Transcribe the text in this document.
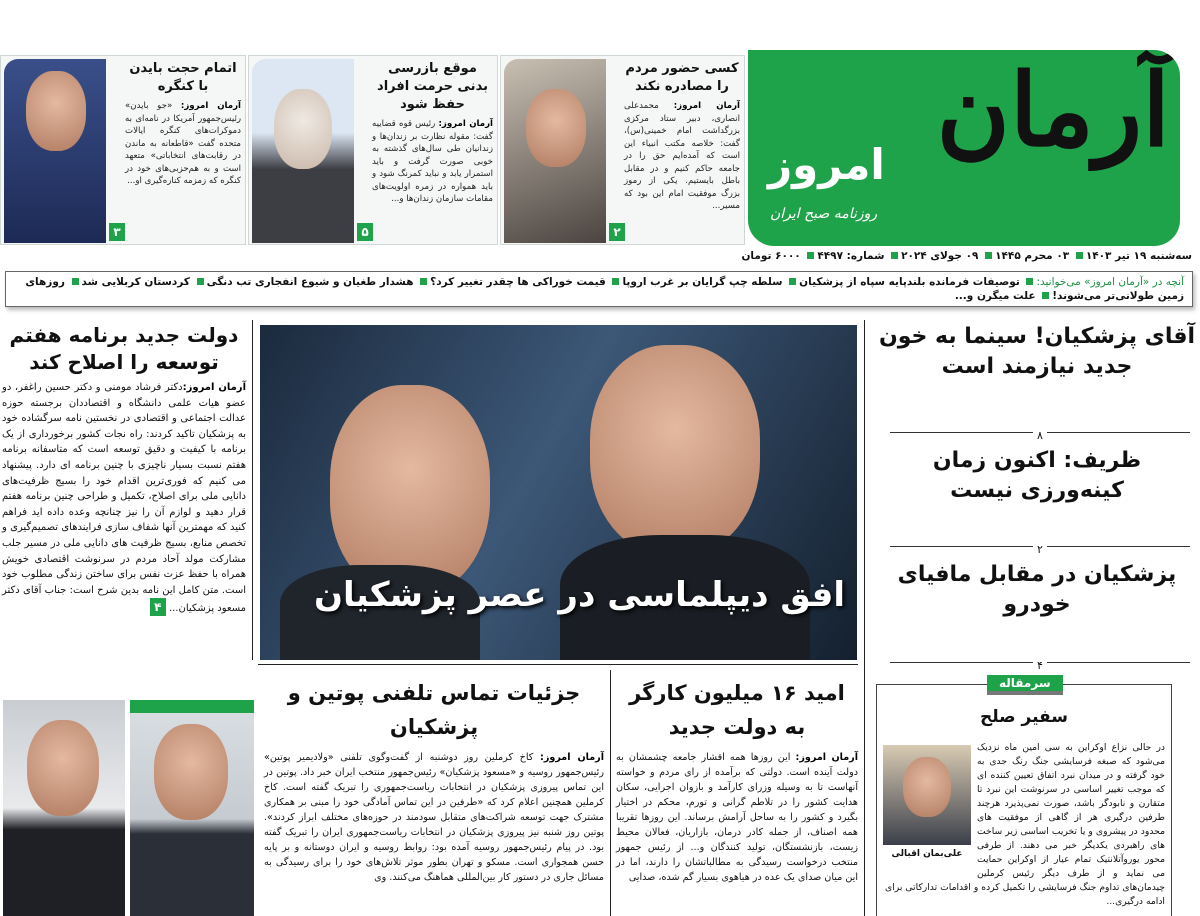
کسی حضور مردم را مصادره نکند

آرمان امروز: محمدعلی انصاری، دبیر ستاد مرکزی بزرگداشت امام خمینی(س)، گفت: خلاصه مکتب انبیاء این است که آمده‌ایم حق را در جامعه حاکم کنیم و در مقابل باطل بایستیم. یکی از رموز بزرگ موفقیت امام این بود که مسیر...

۲
موقع بازرسی بدنی حرمت افراد حفظ شود

آرمان امروز: رئیس قوه قضاییه گفت: مقوله نظارت بر زندان‌ها و زندانیان طی سال‌های گذشته به خوبی صورت گرفت و باید استمرار یابد و نباید کمرنگ شود و باید همواره در زمره اولویت‌های مقامات سازمان زندان‌ها و...

۵
اتمام حجت بایدن با کنگره

آرمان امروز: «جو بایدن» رئیس‌جمهور آمریکا در نامه‌ای به دموکرات‌های کنگره ایالات متحده گفت «قاطعانه به ماندن در رقابت‌های انتخاباتی» متعهد است و به هم‌حزبی‌های خود در کنگره که زمزمه کناره‌گیری او...

۳
آرمان
امروز
روزنامه صبح ایران
سه‌شنبه ۱۹ تیر ۱۴۰۳ ۰۳ محرم ۱۴۴۵ ۰۹ جولای ۲۰۲۴ شماره: ۴۴۹۷ ۶۰۰۰ تومان
آنچه در «آرمان امروز» می‌خوانید: توصیفات فرمانده بلندپایه سپاه از پزشکیان سلطه چپ گرایان بر غرب اروپا قیمت خوراکی ها چقدر تغییر کرد؟ هشدار طغیان و شیوع انفجاری تب دنگی کردستان کربلایی شد روزهای زمین طولانی‌تر می‌شوند! علت میگرن و...
آقای پزشکیان! سینما به خون جدید نیازمند است
$^۸$
ظریف: اکنون زمان کینه‌ورزی نیست
$^۲$
پزشکیان در مقابل مافیای خودرو
$^۴$
افق دیپلماسی در عصر پزشکیان
دولت جدید برنامه هفتم توسعه را اصلاح کند
آرمان امروز:دکتر فرشاد مومنی و دکتر حسین راغفر، دو عضو هیات علمی دانشگاه و اقتصاددان برجسته حوزه عدالت اجتماعی و اقتصادی در نخستین نامه سرگشاده خود به پزشکیان تاکید کردند: راه نجات کشور برخورداری از یک برنامه با کیفیت و دقیق توسعه است که متاسفانه برنامه هفتم نسبت بسیار ناچیزی با چنین برنامه ای دارد. پیشنهاد می کنیم که فوری‌ترین اقدام خود را بسیج ظرفیت‌های دانایی ملی برای اصلاح، تکمیل و طراحی چنین برنامه هفتم قرار دهید و لوازم آن را نیز چنانچه وعده داده اید فراهم کنید که مهمترین آنها شفاف سازی فرایندهای تصمیم‌گیری و تخصص منابع، بسیج ظرفیت های دانایی ملی در مسیر جلب مشارکت مولد آحاد مردم در سرنوشت اقتصادی خویش همراه با حفظ عزت نفس برای ساختن زندگی مطلوب خود است. متن کامل این نامه بدین شرح است: جناب آقای دکتر مسعود پزشکیان... ۴
سرمقاله
سفیر صلح
علی‌بمان اقبالی
در حالی نزاع اوکراین به سی امین ماه نزدیک می‌شود که صبغه فرسایشی جنگ رنگ جدی به خود گرفته و در میدان نبرد اتفاق تعیین کننده ای که موجب تغییر اساسی در سرنوشت این نبرد تا متقارن و نابودگر باشد، صورت نمی‌پذیرد هرچند طرفین درگیری هر از گاهی از موفقیت های محدود در پیشروی و یا تخریب اساسی زیر ساخت های راهبردی یکدیگر خبر می دهند. از طرفی محور یوروآتلانتیک تمام عیار از اوکراین حمایت می نماید و از طرف دیگر رئیس کرملین چیدمان‌های تداوم جنگ فرسایشی را تکمیل کرده و اقدامات تدارکاتی برای ادامه درگیری...
امید ۱۶ میلیون کارگر به دولت جدید
آرمان امروز: این روزها همه اقشار جامعه چشمشان به دولت آینده است. دولتی که برآمده از رای مردم و خواسته آنهاست تا به وسیله وزرای کارآمد و بازوان اجرایی، سکان هدایت کشور را در تلاطم گرانی و تورم، محکم در اختیار بگیرد و کشور را به ساحل آرامش برساند. این روزها تقریبا همه اصناف، از جمله کادر درمان، بازاریان، فعالان محیط زیست، بازنشستگان، تولید کنندگان و... از رئیس جمهور منتخب درخواست رسیدگی به مطالباتشان را دارند، اما در این میان صدای یک عده در هیاهوی بسیار گم شده، صدایی
جزئیات تماس تلفنی پوتین و پزشکیان
آرمان امروز: کاخ کرملین روز دوشنبه از گفت‌وگوی تلفنی «ولادیمیر پوتین» رئیس‌جمهور روسیه و «مسعود پزشکیان» رئیس‌جمهور منتخب ایران خبر داد. پوتین در این تماس پیروزی پزشکیان در انتخابات ریاست‌جمهوری را تبریک گفته است. کاخ کرملین همچنین اعلام کرد که «طرفین در این تماس آمادگی خود را مبنی بر همکاری مشترک جهت توسعه شراکت‌های متقابل سودمند در حوزه‌های مختلف ابراز کردند». پوتین روز شنبه نیز پیروزی پزشکیان در انتخابات ریاست‌جمهوری ایران را تبریک گفته بود. در پیام رئیس‌جمهور روسیه آمده بود: روابط روسیه و ایران دوستانه و بر پایه حسن همجواری است. مسکو و تهران بطور موثر تلاش‌های خود را برای رسیدگی به مسائل جاری در دستور کار بین‌المللی هماهنگ می‌کنند. وی
